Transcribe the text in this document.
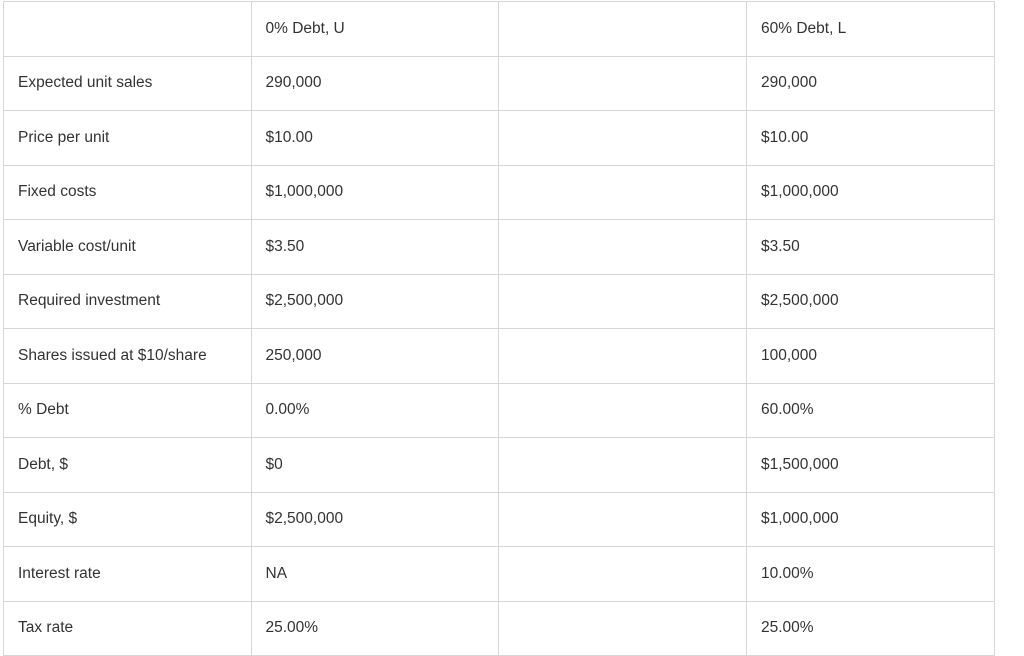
	0% Debt, U		60% Debt, L
Expected unit sales	290,000		290,000
Price per unit	$10.00		$10.00
Fixed costs	$1,000,000		$1,000,000
Variable cost/unit	$3.50		$3.50
Required investment	$2,500,000		$2,500,000
Shares issued at $10/share	250,000		100,000
% Debt	0.00%		60.00%
Debt, $	$0		$1,500,000
Equity, $	$2,500,000		$1,000,000
Interest rate	NA		10.00%
Tax rate	25.00%		25.00%
